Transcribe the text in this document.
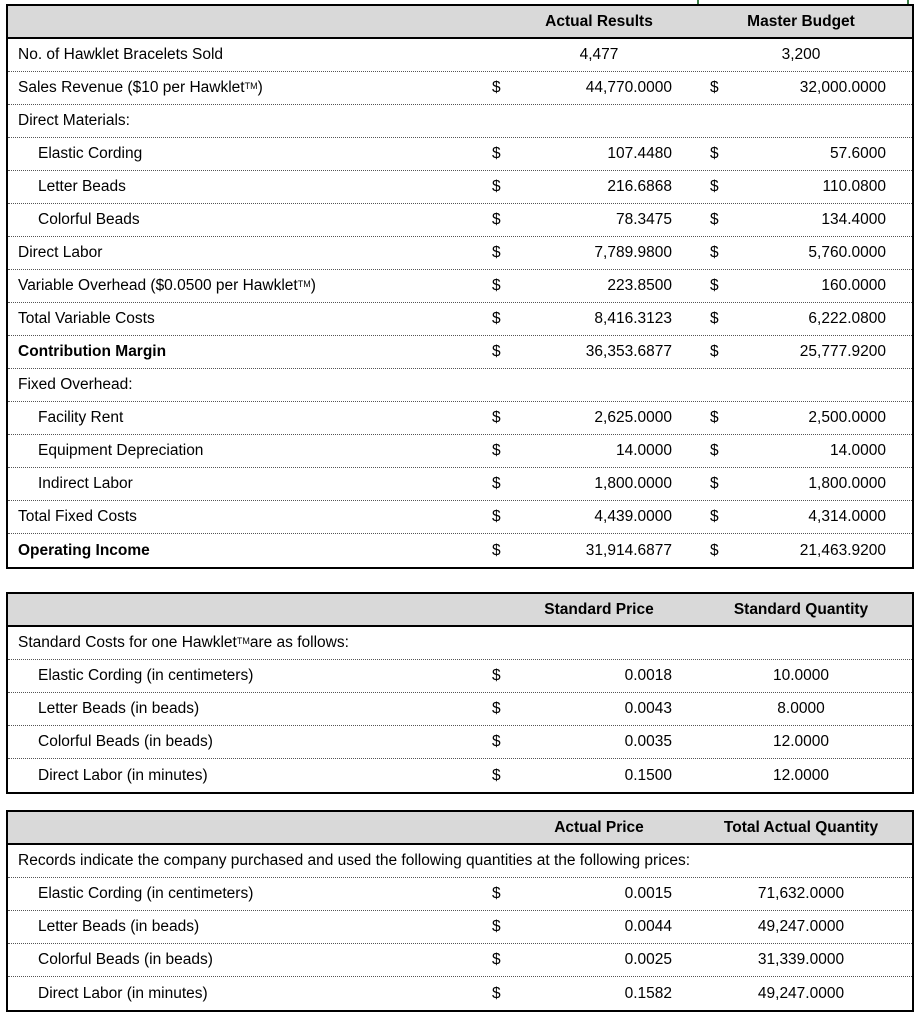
Actual Results	Master Budget
No. of Hawklet Bracelets Sold	4,477	3,200
Sales Revenue ($10 per Hawklet™ )	$	44,770.0000 $	32,000.0000
Direct Materials:
Elastic Cording	$	107.4480 $	57.6000
Letter Beads	$	216.6868 $	110.0800
Colorful Beads	$	78.3475 $	134.4000
Direct Labor	$	7,789.9800 $	5,760.0000
Variable Overhead ($0.0500 per Hawklet™ )	$	223.8500 $	160.0000
Total Variable Costs	$	8,416.3123 $	6,222.0800
Contribution Margin	$	36,353.6877 $	25,777.9200
Fixed Overhead:
Facility Rent	$	2,625.0000 $	2,500.0000
Equipment Depreciation	$	14.0000 $	14.0000
Indirect Labor	$	1,800.0000 $	1,800.0000
Total Fixed Costs	$	4,439.0000 $	4,314.0000
Operating Income	$	31,914.6877 $	21,463.9200
Standard Price	Standard Quantity
Standard Costs for one Hawklet™ are as follows:
Elastic Cording (in centimeters)	$	0.0018	10.0000
Letter Beads (in beads)	$	0.0043	8.0000
Colorful Beads (in beads)	$	0.0035	12.0000
Direct Labor (in minutes)	$	0.1500	12.0000
Actual Price	Total Actual Quantity
Records indicate the company purchased and used the following quantities at the following prices:
Elastic Cording (in centimeters)	$	0.0015	71,632.0000
Letter Beads (in beads)	$	0.0044	49,247.0000
Colorful Beads (in beads)	$	0.0025	31,339.0000
Direct Labor (in minutes)	$	0.1582	49,247.0000
